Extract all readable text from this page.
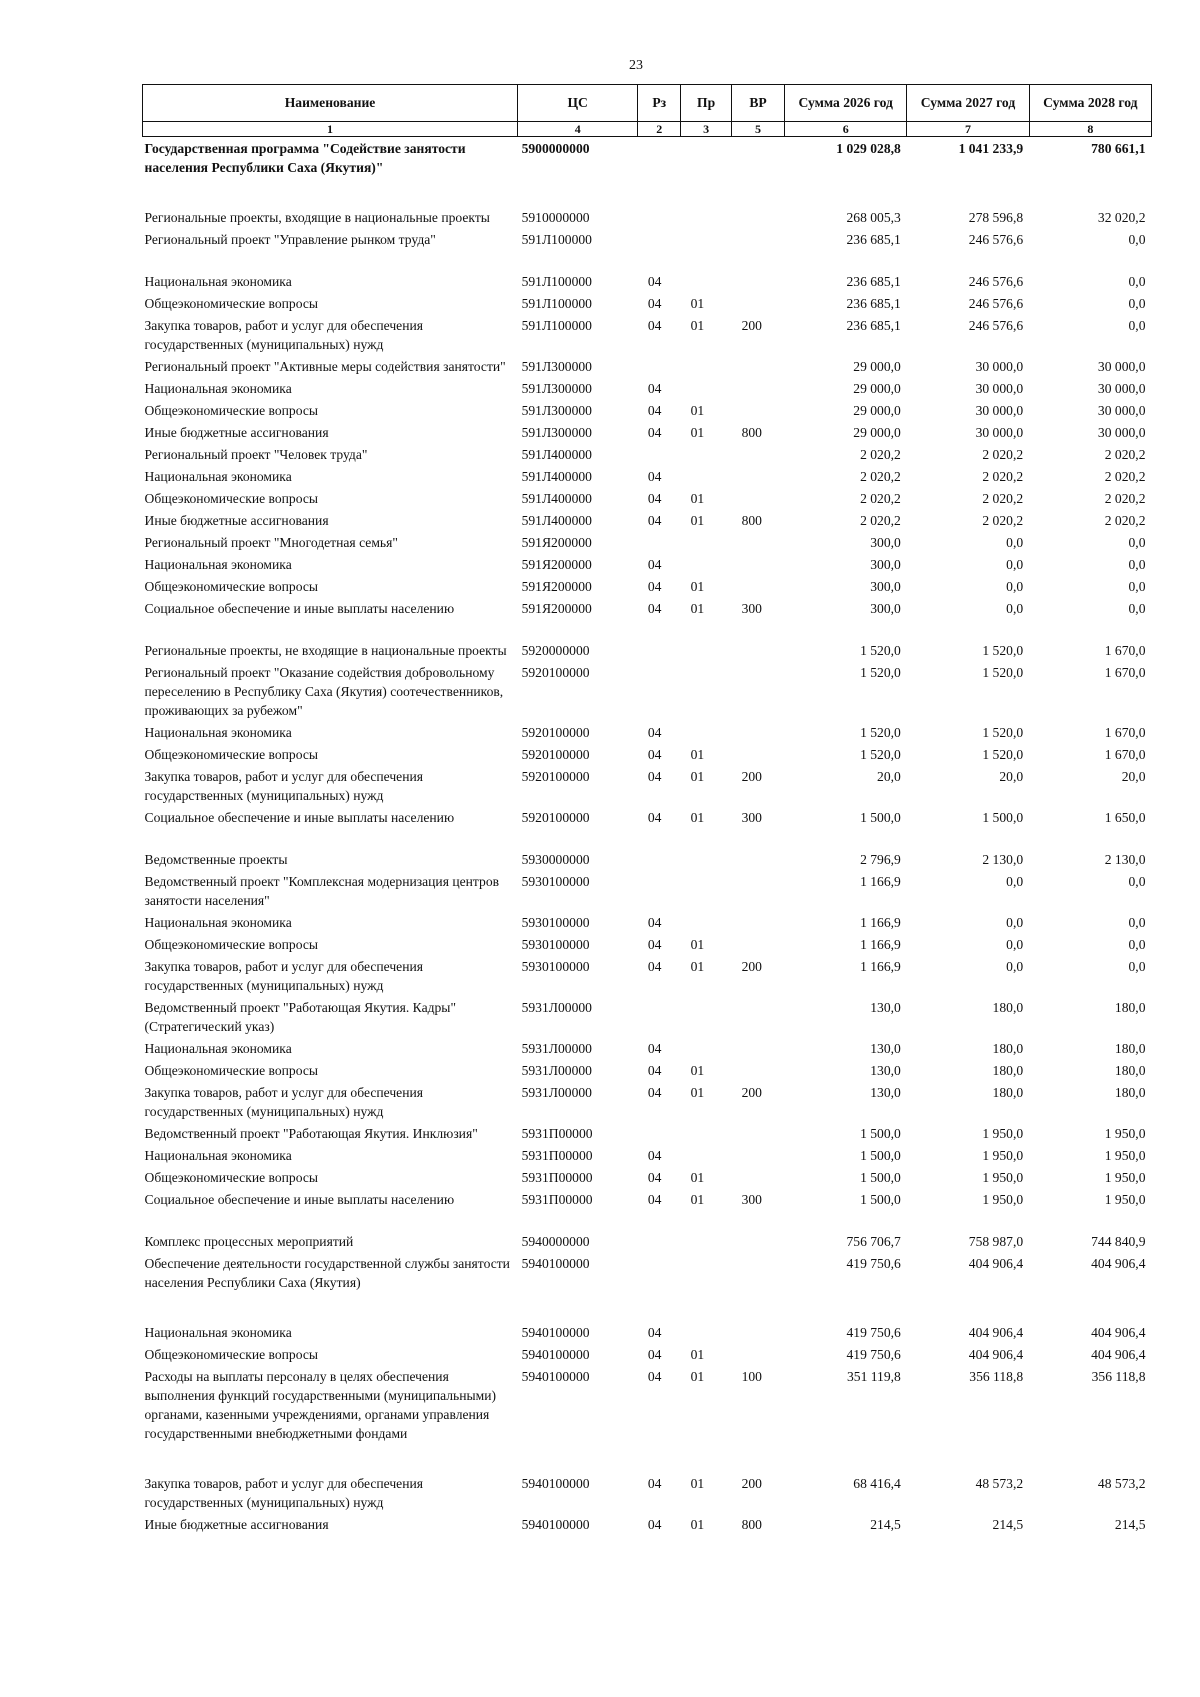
23
Наименование	ЦС	Рз	Пр	ВР	Сумма 2026 год	Сумма 2027 год	Сумма 2028 год
1	4	2	3	5	6	7	8
Государственная программа "Содействие занятости населения Республики Саха (Якутия)"	5900000000				1 029 028,8	1 041 233,9	780 661,1
Региональные проекты, входящие в национальные проекты	5910000000				268 005,3	278 596,8	32 020,2
Региональный проект "Управление рынком труда"	591Л100000				236 685,1	246 576,6	0,0
Национальная экономика	591Л100000	04			236 685,1	246 576,6	0,0
Общеэкономические вопросы	591Л100000	04	01		236 685,1	246 576,6	0,0
Закупка товаров, работ и услуг для обеспечения государственных (муниципальных) нужд	591Л100000	04	01	200	236 685,1	246 576,6	0,0
Региональный проект "Активные меры содействия занятости"	591Л300000				29 000,0	30 000,0	30 000,0
Национальная экономика	591Л300000	04			29 000,0	30 000,0	30 000,0
Общеэкономические вопросы	591Л300000	04	01		29 000,0	30 000,0	30 000,0
Иные бюджетные ассигнования	591Л300000	04	01	800	29 000,0	30 000,0	30 000,0
Региональный проект "Человек труда"	591Л400000				2 020,2	2 020,2	2 020,2
Национальная экономика	591Л400000	04			2 020,2	2 020,2	2 020,2
Общеэкономические вопросы	591Л400000	04	01		2 020,2	2 020,2	2 020,2
Иные бюджетные ассигнования	591Л400000	04	01	800	2 020,2	2 020,2	2 020,2
Региональный проект "Многодетная семья"	591Я200000				300,0	0,0	0,0
Национальная экономика	591Я200000	04			300,0	0,0	0,0
Общеэкономические вопросы	591Я200000	04	01		300,0	0,0	0,0
Социальное обеспечение и иные выплаты населению	591Я200000	04	01	300	300,0	0,0	0,0
Региональные проекты, не входящие в национальные проекты	5920000000				1 520,0	1 520,0	1 670,0
Региональный проект "Оказание содействия добровольному переселению в Республику Саха (Якутия) соотечественников, проживающих за рубежом"	5920100000				1 520,0	1 520,0	1 670,0
Национальная экономика	5920100000	04			1 520,0	1 520,0	1 670,0
Общеэкономические вопросы	5920100000	04	01		1 520,0	1 520,0	1 670,0
Закупка товаров, работ и услуг для обеспечения государственных (муниципальных) нужд	5920100000	04	01	200	20,0	20,0	20,0
Социальное обеспечение и иные выплаты населению	5920100000	04	01	300	1 500,0	1 500,0	1 650,0
Ведомственные проекты	5930000000				2 796,9	2 130,0	2 130,0
Ведомственный проект "Комплексная модернизация центров занятости населения"	5930100000				1 166,9	0,0	0,0
Национальная экономика	5930100000	04			1 166,9	0,0	0,0
Общеэкономические вопросы	5930100000	04	01		1 166,9	0,0	0,0
Закупка товаров, работ и услуг для обеспечения государственных (муниципальных) нужд	5930100000	04	01	200	1 166,9	0,0	0,0
Ведомственный проект "Работающая Якутия. Кадры" (Стратегический указ)	5931Л00000				130,0	180,0	180,0
Национальная экономика	5931Л00000	04			130,0	180,0	180,0
Общеэкономические вопросы	5931Л00000	04	01		130,0	180,0	180,0
Закупка товаров, работ и услуг для обеспечения государственных (муниципальных) нужд	5931Л00000	04	01	200	130,0	180,0	180,0
Ведомственный проект "Работающая Якутия. Инклюзия"	5931П00000				1 500,0	1 950,0	1 950,0
Национальная экономика	5931П00000	04			1 500,0	1 950,0	1 950,0
Общеэкономические вопросы	5931П00000	04	01		1 500,0	1 950,0	1 950,0
Социальное обеспечение и иные выплаты населению	5931П00000	04	01	300	1 500,0	1 950,0	1 950,0
Комплекс процессных мероприятий	5940000000				756 706,7	758 987,0	744 840,9
Обеспечение деятельности государственной службы занятости населения Республики Саха (Якутия)	5940100000				419 750,6	404 906,4	404 906,4
Национальная экономика	5940100000	04			419 750,6	404 906,4	404 906,4
Общеэкономические вопросы	5940100000	04	01		419 750,6	404 906,4	404 906,4
Расходы на выплаты персоналу в целях обеспечения выполнения функций государственными (муниципальными) органами, казенными учреждениями, органами управления государственными внебюджетными фондами	5940100000	04	01	100	351 119,8	356 118,8	356 118,8
Закупка товаров, работ и услуг для обеспечения государственных (муниципальных) нужд	5940100000	04	01	200	68 416,4	48 573,2	48 573,2
Иные бюджетные ассигнования	5940100000	04	01	800	214,5	214,5	214,5
